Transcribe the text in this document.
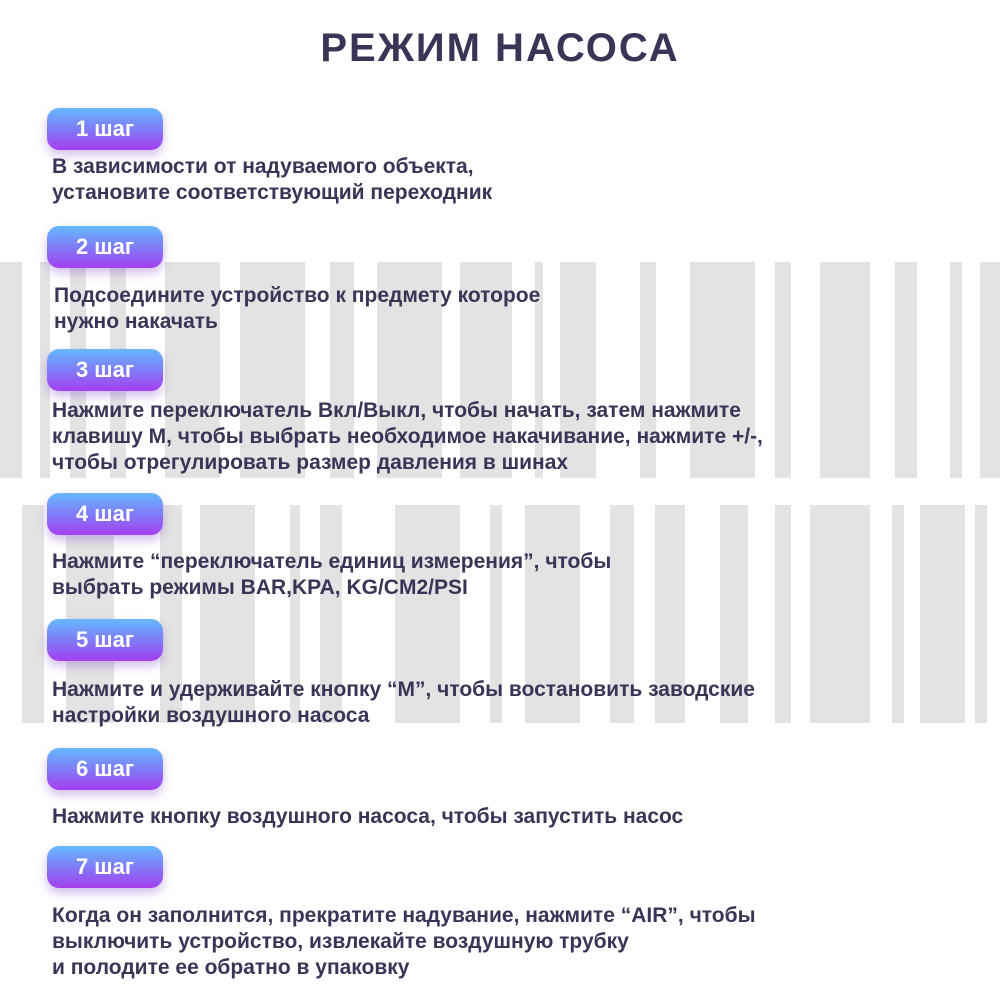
РЕЖИМ НАСОСА
1 шаг

В зависимости от надуваемого объекта,
установите соответствующий переходник

2 шаг

Подсоедините устройство к предмету которое
нужно накачать

3 шаг

Нажмите переключатель Вкл/Выкл, чтобы начать, затем нажмите
клавишу М, чтобы выбрать необходимое накачивание, нажмите +/-,
чтобы отрегулировать размер давления в шинах

4 шаг

Нажмите “переключатель единиц измерения”, чтобы
выбрать режимы BAR,KPA, KG/CM2/PSI

5 шаг

Нажмите и удерживайте кнопку “М”, чтобы востановить заводские
настройки воздушного насоса

6 шаг

Нажмите кнопку воздушного насоса, чтобы запустить насос

7 шаг

Когда он заполнится, прекратите надувание, нажмите “AIR”, чтобы
выключить устройство, извлекайте воздушную трубку
и полодите ее обратно в упаковку
